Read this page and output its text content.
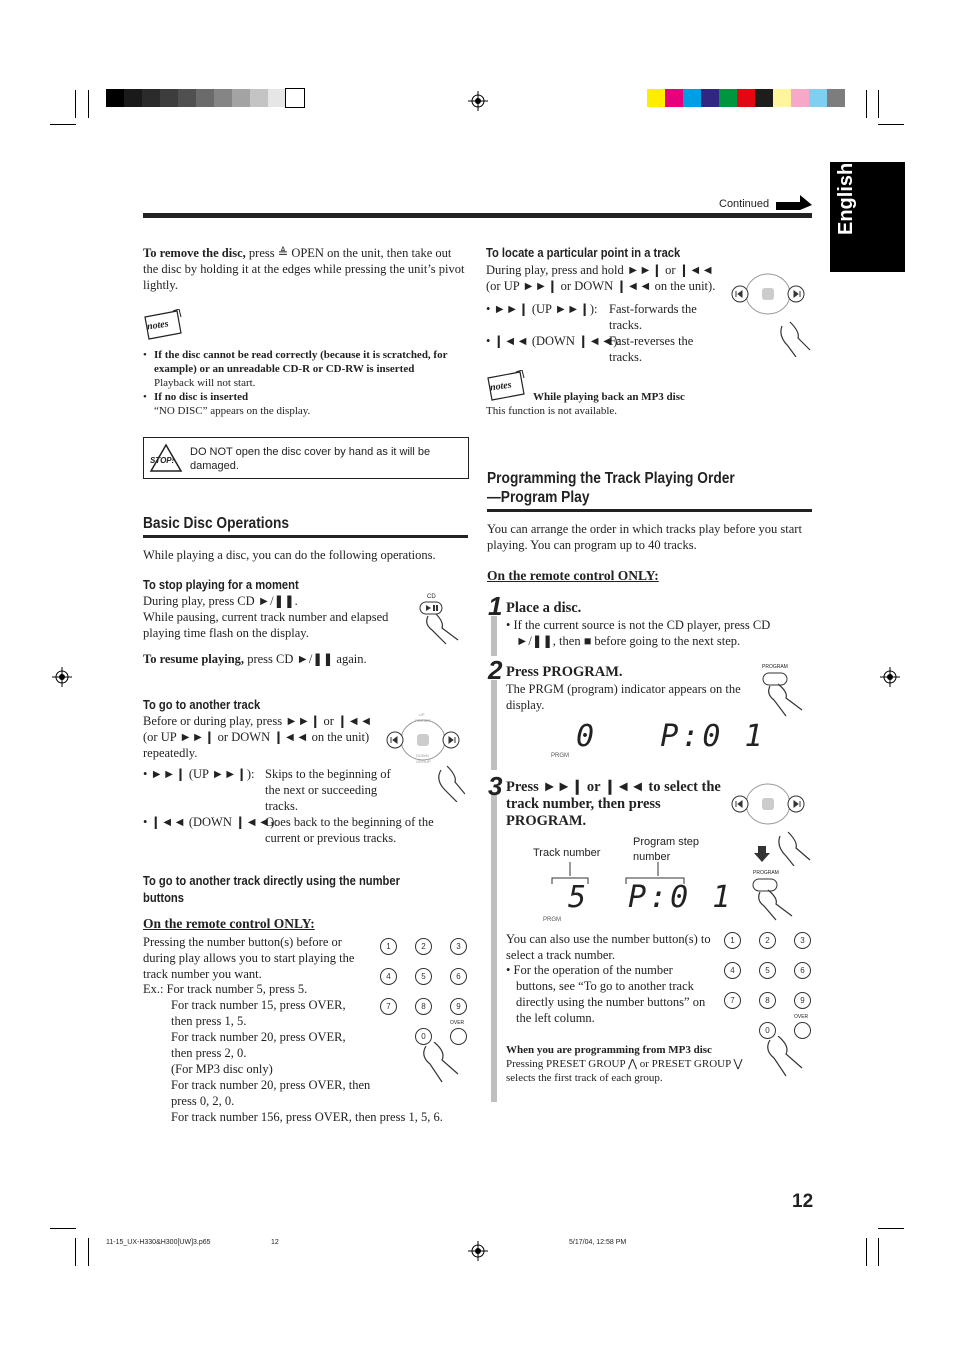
English
Continued
To remove the disc, press ≜ OPEN on the unit, then take out the disc by holding it at the edges while pressing the unit’s pivot lightly.
notes
• If the disc cannot be read correctly (because it is scratched, for example) or an unreadable CD-R or CD-RW is inserted
Playback will not start.
• If no disc is inserted
“NO DISC” appears on the display.
STOP!
DO NOT open the disc cover by hand as it will be damaged.
Basic Disc Operations
While playing a disc, you can do the following operations.
To stop playing for a moment
During play, press CD ►/❚❚.
While pausing, current track number and elapsed playing time flash on the display.
To resume playing, press CD ►/❚❚ again.
CD
To go to another track
Before or during play, press ►►❙ or ❙◄◄ (or UP ►►❙ or DOWN ❙◄◄ on the unit) repeatedly.
• ►►❙ (UP ►►❙): Skips to the beginning of the next or succeeding tracks.
• ❙◄◄ (DOWN ❙◄◄):
Goes back to the beginning of the current or previous tracks.
UP
PRESET
DOWN
GROUP
To go to another track directly using the number buttons
On the remote control ONLY:
Pressing the number button(s) before or during play allows you to start playing the track number you want.
Ex.: For track number 5, press 5.
For track number 15, press OVER,
then press 1, 5.
For track number 20, press OVER,
then press 2, 0.
(For MP3 disc only)
For track number 20, press OVER, then
press 0, 2, 0.
For track number 156, press OVER, then press 1, 5, 6.
1	2	3
4	5	6
7	8	9
0
OVER
To locate a particular point in a track
During play, press and hold ►►❙ or ❙◄◄ (or UP ►►❙ or DOWN ❙◄◄ on the unit).
• ►►❙ (UP ►►❙): Fast-forwards the tracks.
• ❙◄◄ (DOWN ❙◄◄):
Fast-reverses the tracks.
notes
While playing back an MP3 disc
This function is not available.
Programming the Track Playing Order
—Program Play
You can arrange the order in which tracks play before you start playing. You can program up to 40 tracks.
On the remote control ONLY:
1 Place a disc.
• If the current source is not the CD player, press CD ►/❚❚, then ■ before going to the next step.
2 Press PROGRAM.
The PRGM (program) indicator appears on the display.
PROGRAM
0   P:0 1
PRGM
3 Press ►►❙ or ❙◄◄ to select the track number, then press PROGRAM.
PROGRAM
Track number
Program step number
5 P:0 1
PRGM
You can also use the number button(s) to select a track number.
• For the operation of the number buttons, see “To go to another track directly using the number buttons” on the left column.
1	2	3
4	5	6
7	8	9
0
OVER
When you are programming from MP3 disc
Pressing PRESET GROUP ⋀ or PRESET GROUP ⋁ selects the first track of each group.
12
11-15_UX-H330&H300[UW]3.p65	12	5/17/04, 12:58 PM
